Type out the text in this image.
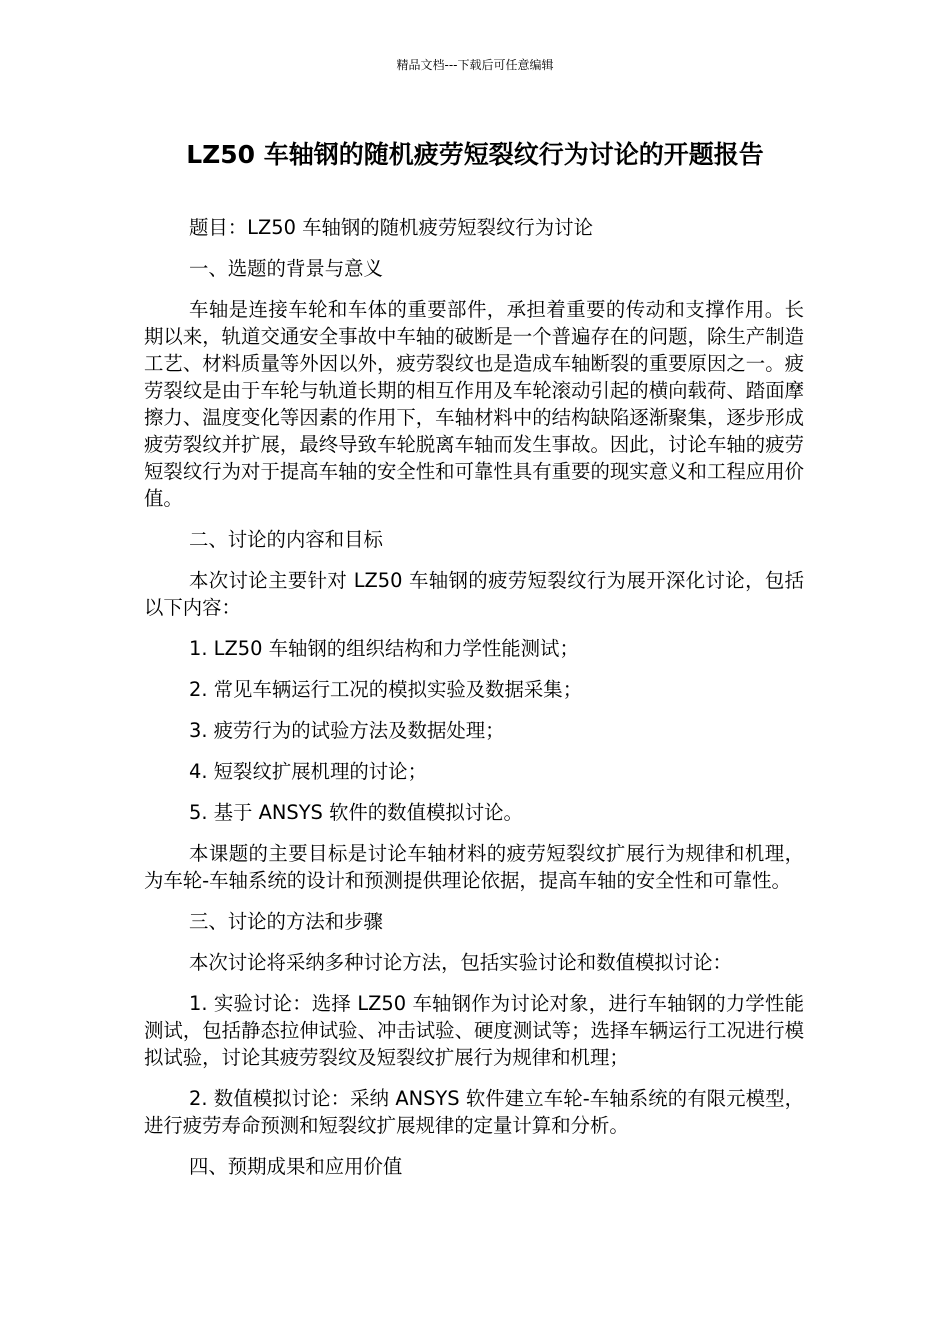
精品文档---下载后可任意编辑
LZ50 车轴钢的随机疲劳短裂纹行为讨论的开题报告

题目：LZ50 车轴钢的随机疲劳短裂纹行为讨论

一、选题的背景与意义

车轴是连接车轮和车体的重要部件，承担着重要的传动和支撑作用。长期以来，轨道交通安全事故中车轴的破断是一个普遍存在的问题，除生产制造工艺、材料质量等外因以外，疲劳裂纹也是造成车轴断裂的重要原因之一。疲劳裂纹是由于车轮与轨道长期的相互作用及车轮滚动引起的横向载荷、踏面摩擦力、温度变化等因素的作用下，车轴材料中的结构缺陷逐渐聚集，逐步形成疲劳裂纹并扩展，最终导致车轮脱离车轴而发生事故。因此，讨论车轴的疲劳短裂纹行为对于提高车轴的安全性和可靠性具有重要的现实意义和工程应用价值。

二、讨论的内容和目标

本次讨论主要针对 LZ50 车轴钢的疲劳短裂纹行为展开深化讨论，包括以下内容：

1. LZ50 车轴钢的组织结构和力学性能测试；

2. 常见车辆运行工况的模拟实验及数据采集；

3. 疲劳行为的试验方法及数据处理；

4. 短裂纹扩展机理的讨论；

5. 基于 ANSYS 软件的数值模拟讨论。

本课题的主要目标是讨论车轴材料的疲劳短裂纹扩展行为规律和机理，为车轮-车轴系统的设计和预测提供理论依据，提高车轴的安全性和可靠性。

三、讨论的方法和步骤

本次讨论将采纳多种讨论方法，包括实验讨论和数值模拟讨论：

1. 实验讨论：选择 LZ50 车轴钢作为讨论对象，进行车轴钢的力学性能测试，包括静态拉伸试验、冲击试验、硬度测试等；选择车辆运行工况进行模拟试验，讨论其疲劳裂纹及短裂纹扩展行为规律和机理；

2. 数值模拟讨论：采纳 ANSYS 软件建立车轮-车轴系统的有限元模型，进行疲劳寿命预测和短裂纹扩展规律的定量计算和分析。

四、预期成果和应用价值
